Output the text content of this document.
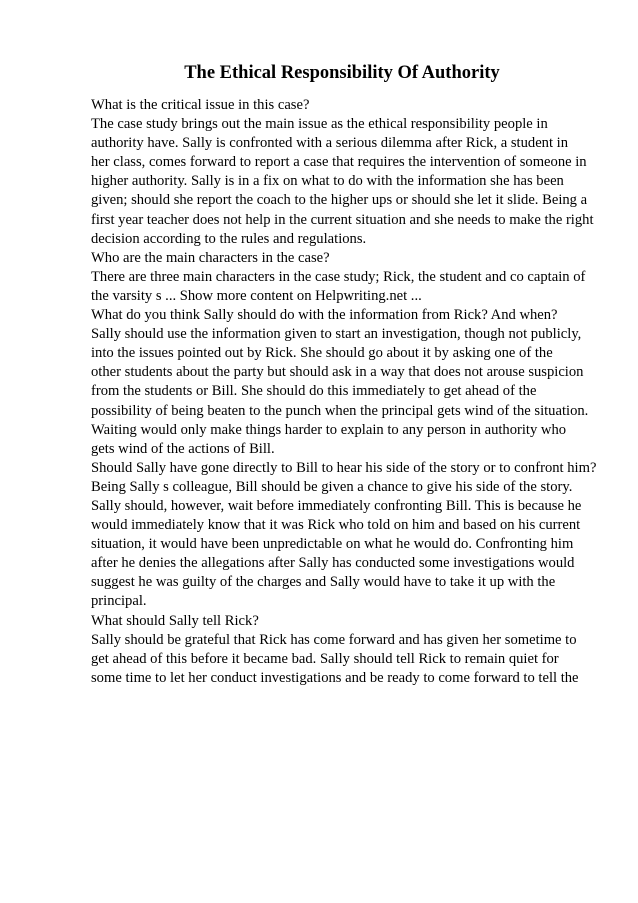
The Ethical Responsibility Of Authority
What is the critical issue in this case?
The case study brings out the main issue as the ethical responsibility people in
authority have. Sally is confronted with a serious dilemma after Rick, a student in
her class, comes forward to report a case that requires the intervention of someone in
higher authority. Sally is in a fix on what to do with the information she has been
given; should she report the coach to the higher ups or should she let it slide. Being a
first year teacher does not help in the current situation and she needs to make the right
decision according to the rules and regulations.
Who are the main characters in the case?
There are three main characters in the case study; Rick, the student and co captain of
the varsity s ... Show more content on Helpwriting.net ...
What do you think Sally should do with the information from Rick? And when?
Sally should use the information given to start an investigation, though not publicly,
into the issues pointed out by Rick. She should go about it by asking one of the
other students about the party but should ask in a way that does not arouse suspicion
from the students or Bill. She should do this immediately to get ahead of the
possibility of being beaten to the punch when the principal gets wind of the situation.
Waiting would only make things harder to explain to any person in authority who
gets wind of the actions of Bill.
Should Sally have gone directly to Bill to hear his side of the story or to confront him?
Being Sally s colleague, Bill should be given a chance to give his side of the story.
Sally should, however, wait before immediately confronting Bill. This is because he
would immediately know that it was Rick who told on him and based on his current
situation, it would have been unpredictable on what he would do. Confronting him
after he denies the allegations after Sally has conducted some investigations would
suggest he was guilty of the charges and Sally would have to take it up with the
principal.
What should Sally tell Rick?
Sally should be grateful that Rick has come forward and has given her sometime to
get ahead of this before it became bad. Sally should tell Rick to remain quiet for
some time to let her conduct investigations and be ready to come forward to tell the
